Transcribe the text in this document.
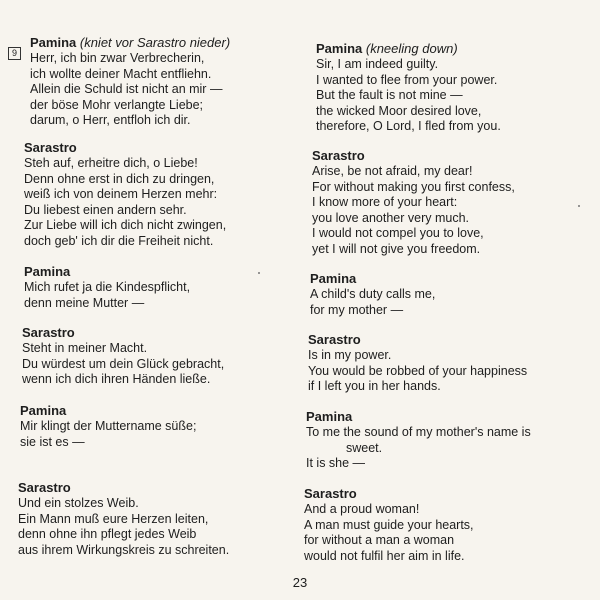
9
Pamina (kniet vor Sarastro nieder)
Herr, ich bin zwar Verbrecherin,
ich wollte deiner Macht entfliehn.
Allein die Schuld ist nicht an mir —
der böse Mohr verlangte Liebe;
darum, o Herr, entfloh ich dir.
Sarastro
Steh auf, erheitre dich, o Liebe!
Denn ohne erst in dich zu dringen,
weiß ich von deinem Herzen mehr:
Du liebest einen andern sehr.
Zur Liebe will ich dich nicht zwingen,
doch geb' ich dir die Freiheit nicht.
Pamina
Mich rufet ja die Kindespflicht,
denn meine Mutter —
Sarastro
Steht in meiner Macht.
Du würdest um dein Glück gebracht,
wenn ich dich ihren Händen ließe.
Pamina
Mir klingt der Muttername süße;
sie ist es —
Sarastro
Und ein stolzes Weib.
Ein Mann muß eure Herzen leiten,
denn ohne ihn pflegt jedes Weib
aus ihrem Wirkungskreis zu schreiten.
Pamina (kneeling down)
Sir, I am indeed guilty.
I wanted to flee from your power.
But the fault is not mine —
the wicked Moor desired love,
therefore, O Lord, I fled from you.
Sarastro
Arise, be not afraid, my dear!
For without making you first confess,
I know more of your heart:
you love another very much.
I would not compel you to love,
yet I will not give you freedom.
Pamina
A child's duty calls me,
for my mother —
Sarastro
Is in my power.
You would be robbed of your happiness
if I left you in her hands.
Pamina
To me the sound of my mother's name is
sweet.
It is she —
Sarastro
And a proud woman!
A man must guide your hearts,
for without a man a woman
would not fulfil her aim in life.
23
